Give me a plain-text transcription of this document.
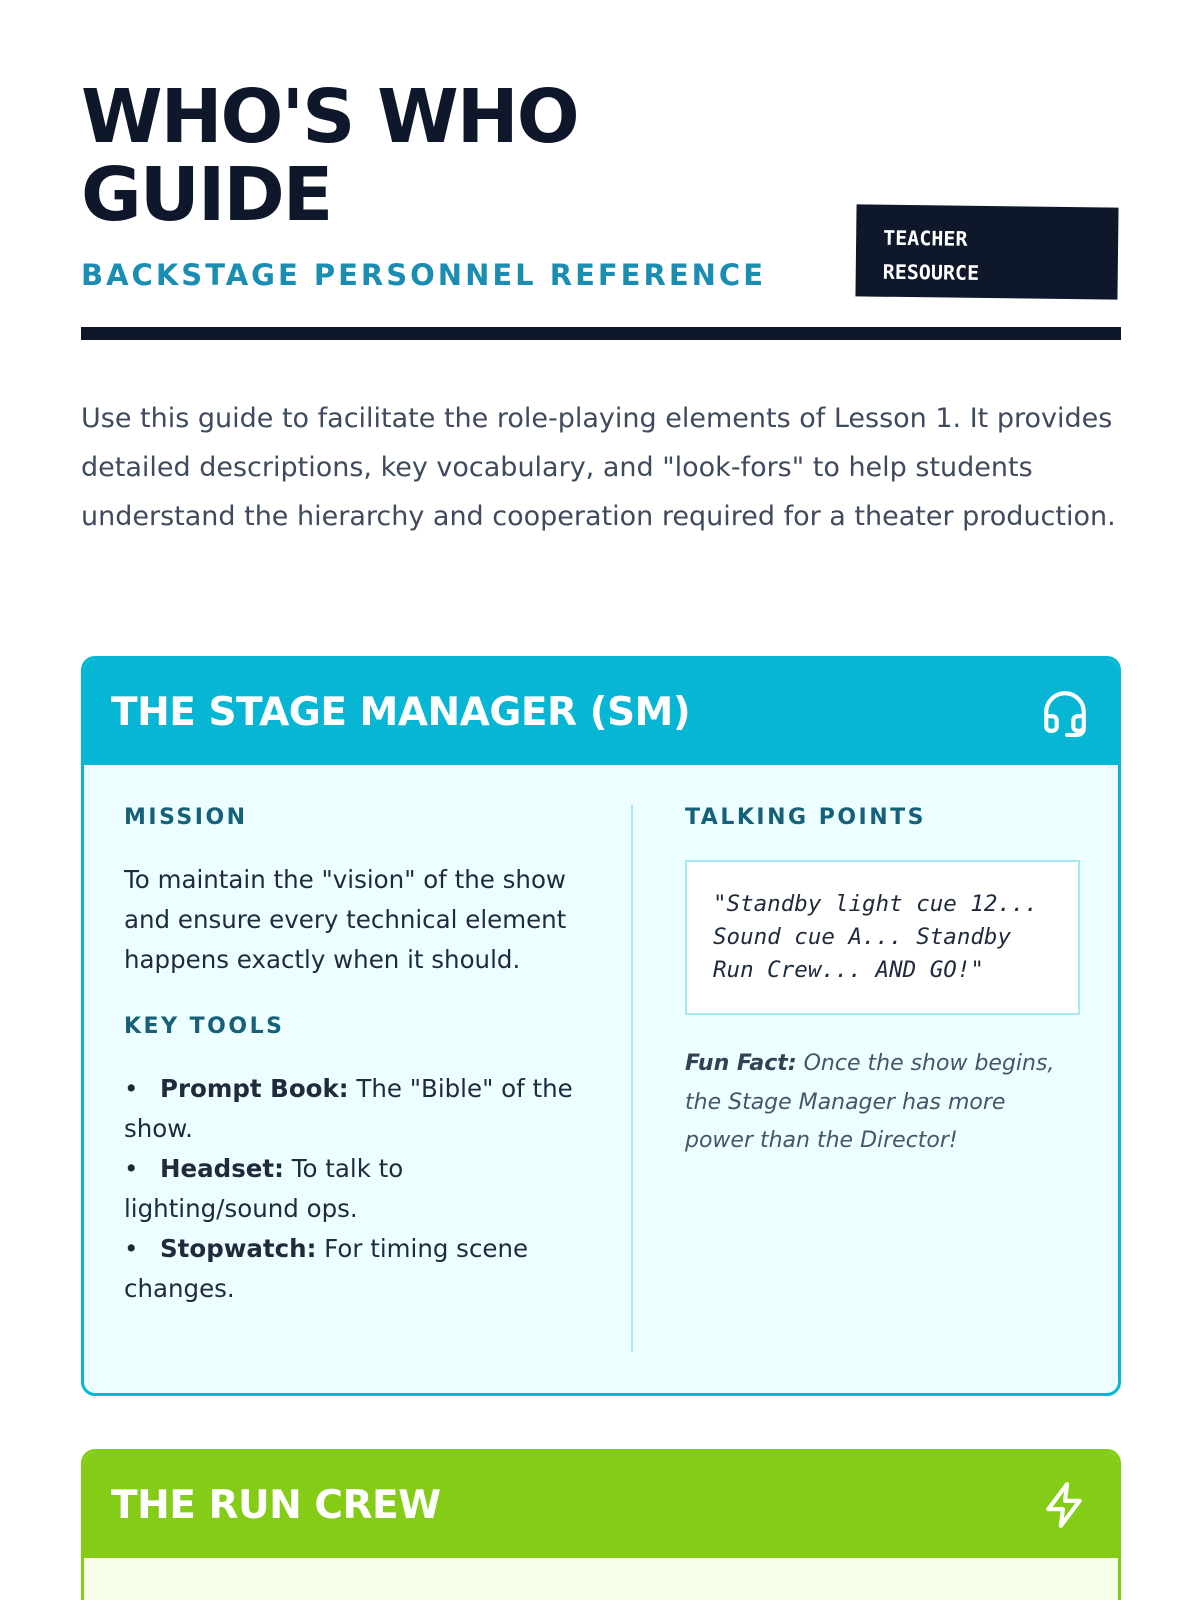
WHO'S WHO
GUIDE
BACKSTAGE PERSONNEL REFERENCE
TEACHER
RESOURCE

Use this guide to facilitate the role-playing elements of Lesson 1. It provides detailed descriptions, key vocabulary, and "look-fors" to help students understand the hierarchy and cooperation required for a theater production.

THE STAGE MANAGER (SM)
MISSION

To maintain the "vision" of the show and ensure every technical element happens exactly when it should.

KEY TOOLS
• Prompt Book: The "Bible" of the show.
• Headset: To talk to lighting/sound ops.
• Stopwatch: For timing scene changes.
TALKING POINTS
"Standby light cue 12... Sound cue A... Standby Run Crew... AND GO!"

Fun Fact: Once the show begins, the Stage Manager has more power than the Director!

THE RUN CREW
